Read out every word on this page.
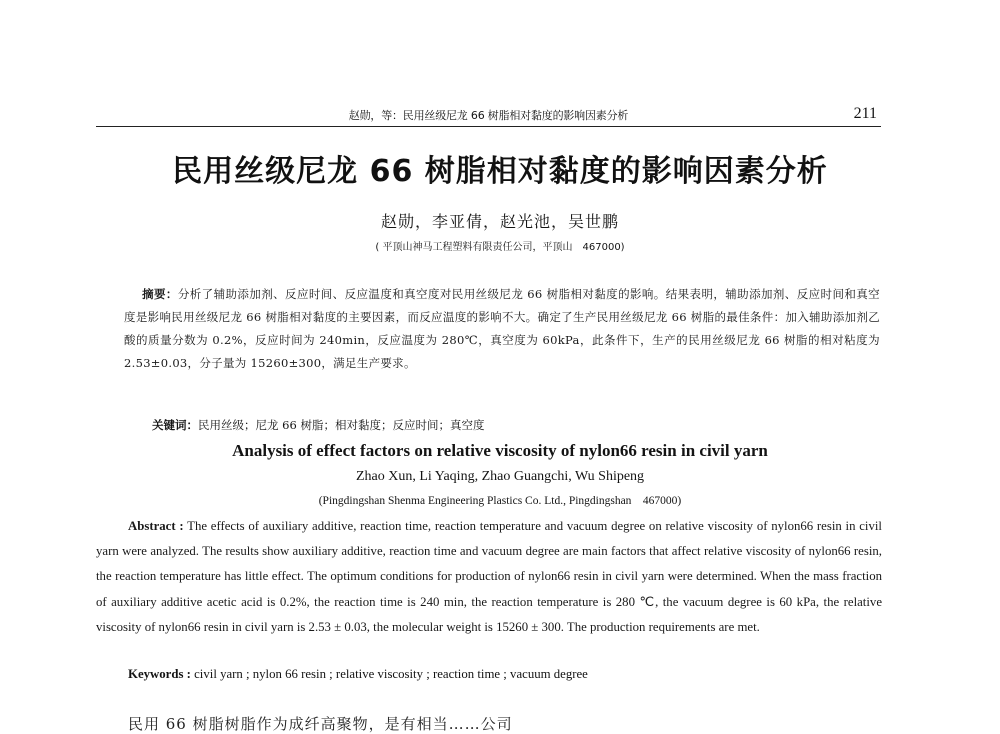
赵勋，等：民用丝级尼龙 66 树脂相对黏度的影响因素分析	211
民用丝级尼龙 66 树脂相对黏度的影响因素分析
赵勋，李亚倩，赵光池，吴世鹏
( 平顶山神马工程塑料有限责任公司，平顶山　467000)
摘要：分析了辅助添加剂、反应时间、反应温度和真空度对民用丝级尼龙 66 树脂相对黏度的影响。结果表明，辅助添加剂、反应时间和真空度是影响民用丝级尼龙 66 树脂相对黏度的主要因素，而反应温度的影响不大。确定了生产民用丝级尼龙 66 树脂的最佳条件：加入辅助添加剂乙酸的质量分数为 0.2%，反应时间为 240min，反应温度为 280℃，真空度为 60kPa，此条件下，生产的民用丝级尼龙 66 树脂的相对粘度为 2.53±0.03，分子量为 15260±300，满足生产要求。
关键词：民用丝级；尼龙 66 树脂；相对黏度；反应时间；真空度
Analysis of effect factors on relative viscosity of nylon66 resin in civil yarn
Zhao Xun, Li Yaqing, Zhao Guangchi, Wu Shipeng
(Pingdingshan Shenma Engineering Plastics Co. Ltd., Pingdingshan　467000)
Abstract : The effects of auxiliary additive, reaction time, reaction temperature and vacuum degree on relative viscosity of nylon66 resin in civil yarn were analyzed. The results show auxiliary additive, reaction time and vacuum degree are main factors that affect relative viscosity of nylon66 resin, the reaction temperature has little effect. The optimum conditions for production of nylon66 resin in civil yarn were determined. When the mass fraction of auxiliary additive acetic acid is 0.2%, the reaction time is 240 min, the reaction temperature is 280 ℃, the vacuum degree is 60 kPa, the relative viscosity of nylon66 resin in civil yarn is 2.53 ± 0.03, the molecular weight is 15260 ± 300. The production requirements are met.
Keywords : civil yarn ; nylon 66 resin ; relative viscosity ; reaction time ; vacuum degree
民用 66 树脂树脂作为成纤高聚物，是有相当……公司
